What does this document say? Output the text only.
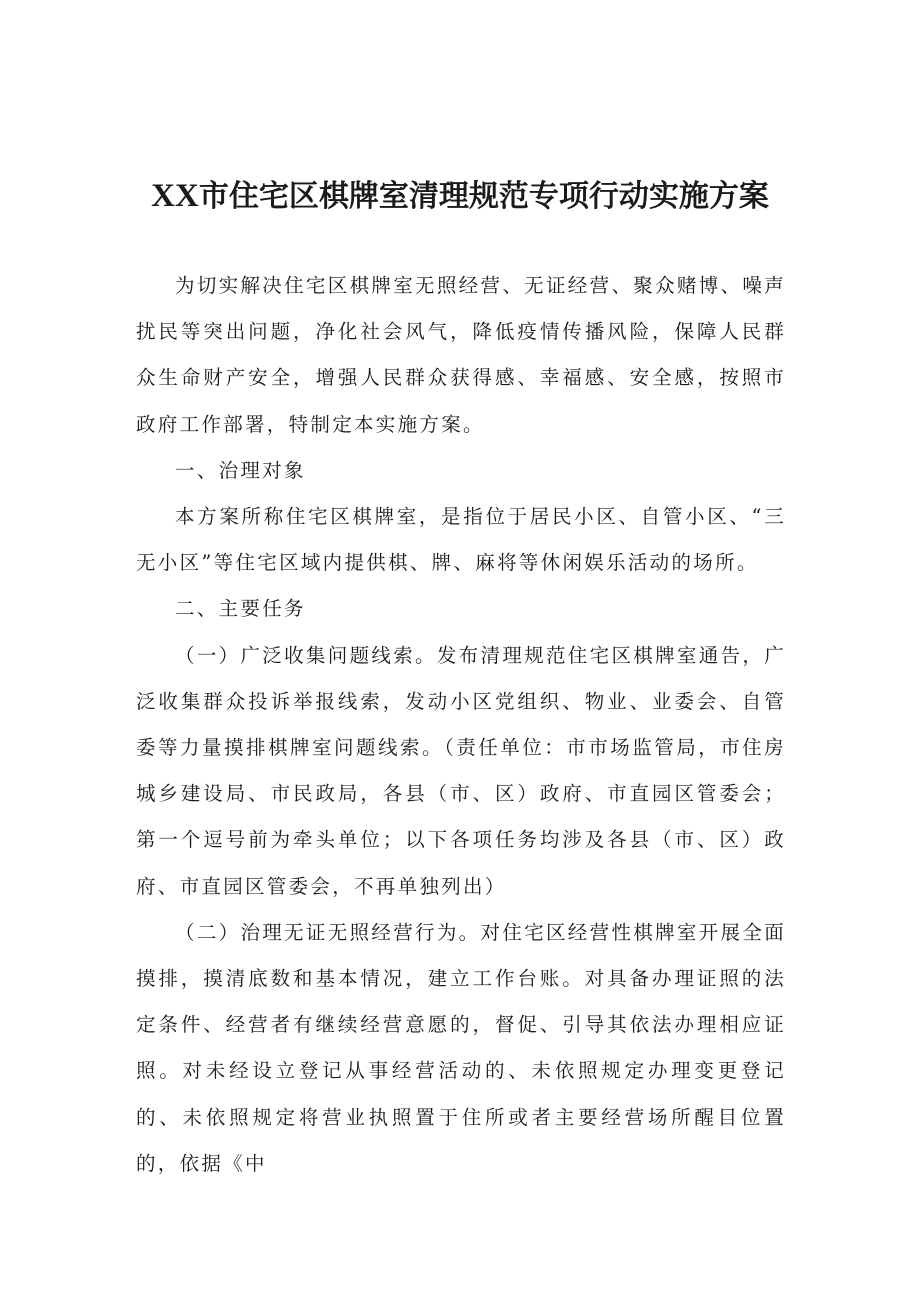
XX市住宅区棋牌室清理规范专项行动实施方案

为切实解决住宅区棋牌室无照经营、无证经营、聚众赌博、噪声扰民等突出问题，净化社会风气，降低疫情传播风险，保障人民群众生命财产安全，增强人民群众获得感、幸福感、安全感，按照市政府工作部署，特制定本实施方案。

一、治理对象

本方案所称住宅区棋牌室，是指位于居民小区、自管小区、“三无小区”等住宅区域内提供棋、牌、麻将等休闲娱乐活动的场所。

二、主要任务

（一）广泛收集问题线索。发布清理规范住宅区棋牌室通告，广泛收集群众投诉举报线索，发动小区党组织、物业、业委会、自管委等力量摸排棋牌室问题线索。（责任单位：市市场监管局，市住房城乡建设局、市民政局，各县（市、区）政府、市直园区管委会；第一个逗号前为牵头单位；以下各项任务均涉及各县（市、区）政府、市直园区管委会，不再单独列出）

（二）治理无证无照经营行为。对住宅区经营性棋牌室开展全面摸排，摸清底数和基本情况，建立工作台账。对具备办理证照的法定条件、经营者有继续经营意愿的，督促、引导其依法办理相应证照。对未经设立登记从事经营活动的、未依照规定办理变更登记的、未依照规定将营业执照置于住所或者主要经营场所醒目位置的，依据《中
